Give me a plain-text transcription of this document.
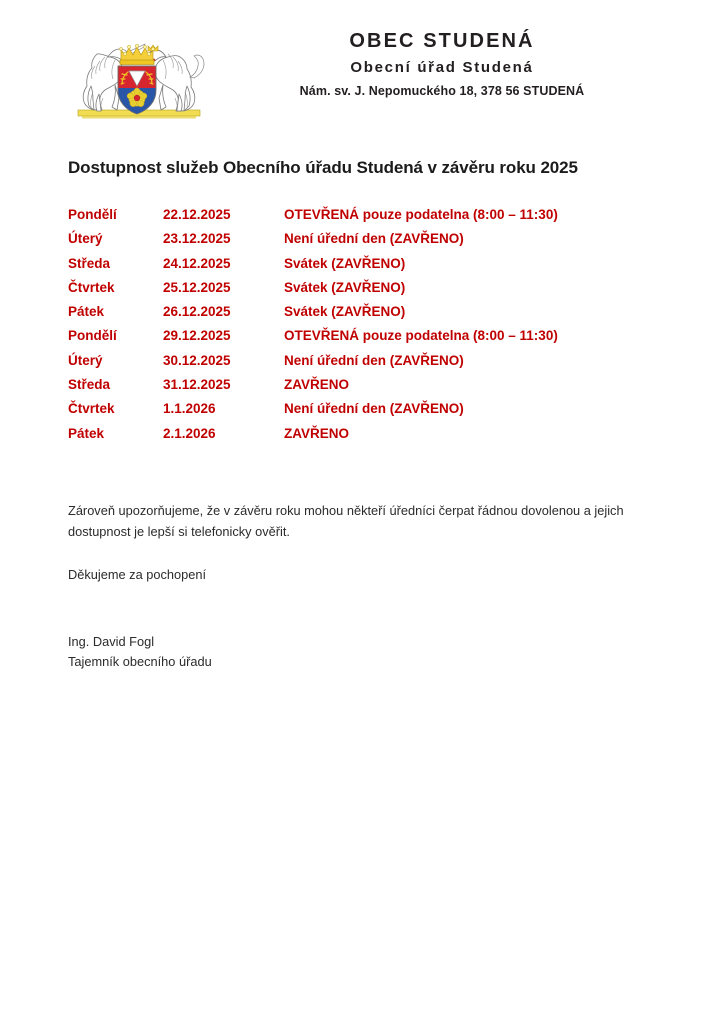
OBEC STUDENÁ
Obecní úřad Studená
Nám. sv. J. Nepomuckého 18, 378 56 STUDENÁ
Dostupnost služeb Obecního úřadu Studená v závěru roku 2025
Pondělí	22.12.2025	OTEVŘENÁ pouze podatelna (8:00 – 11:30)
Úterý	23.12.2025	Není úřední den (ZAVŘENO)
Středa	24.12.2025	Svátek (ZAVŘENO)
Čtvrtek	25.12.2025	Svátek (ZAVŘENO)
Pátek	26.12.2025	Svátek (ZAVŘENO)
Pondělí	29.12.2025	OTEVŘENÁ pouze podatelna (8:00 – 11:30)
Úterý	30.12.2025	Není úřední den (ZAVŘENO)
Středa	31.12.2025	ZAVŘENO
Čtvrtek	1.1.2026	Není úřední den (ZAVŘENO)
Pátek	2.1.2026	ZAVŘENO

Zároveň upozorňujeme, že v závěru roku mohou někteří úředníci čerpat řádnou dovolenou a jejich dostupnost je lepší si telefonicky ověřit.

Děkujeme za pochopení

Ing. David Fogl
Tajemník obecního úřadu
